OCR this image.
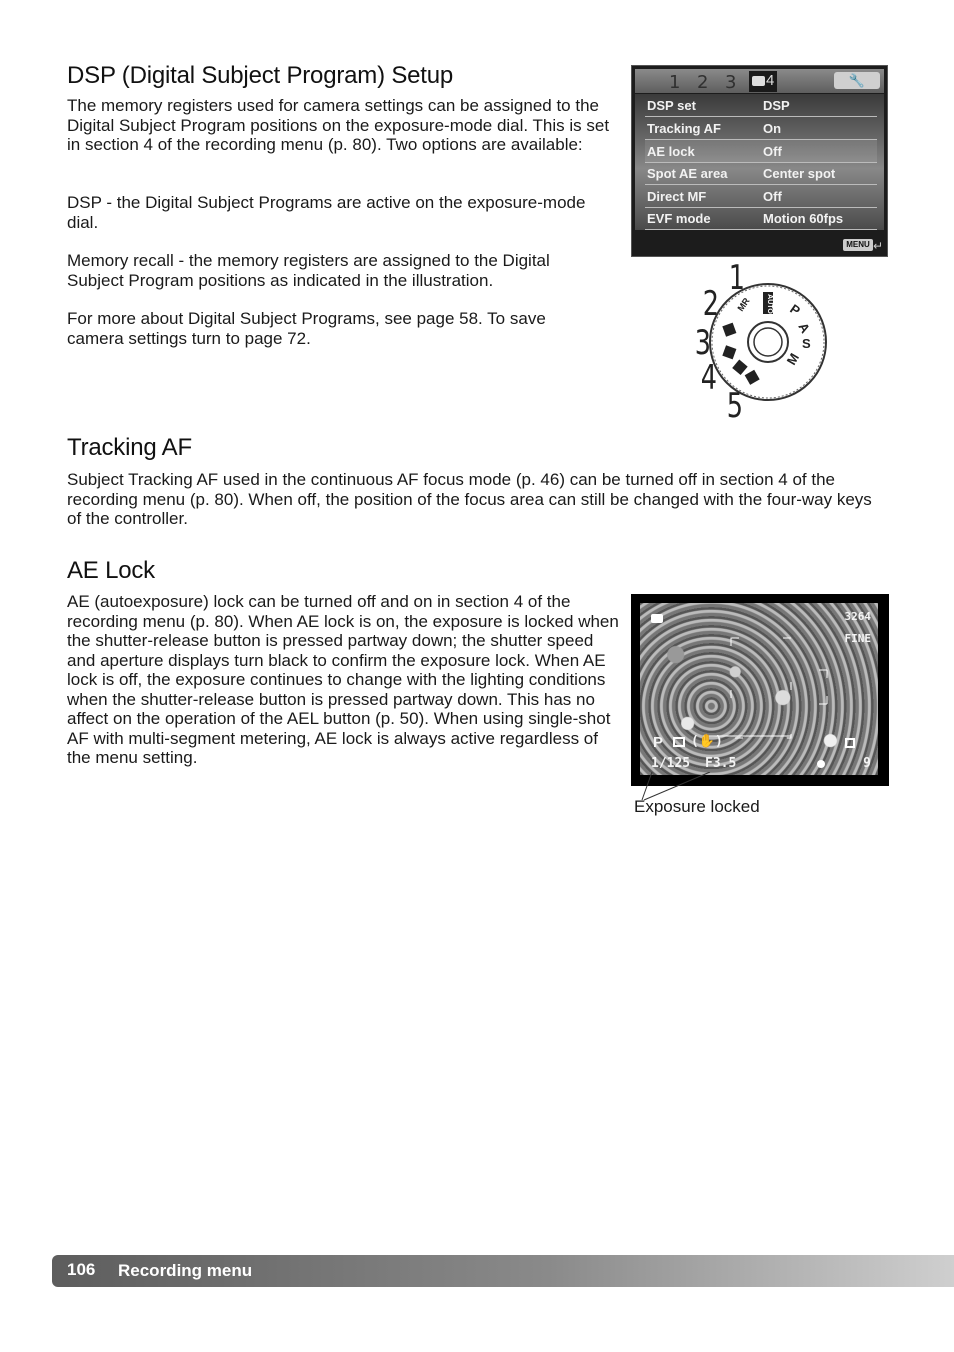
DSP (Digital Subject Program) Setup

The memory registers used for camera settings can be assigned to the Digital Subject Program positions on the exposure-mode dial. This is set in section 4 of the recording menu (p. 80). Two options are available:

DSP - the Digital Subject Programs are active on the exposure-mode dial.

Memory recall - the memory registers are assigned to the Digital Subject Program positions as indicated in the illustration.

For more about Digital Subject Programs, see page 58. To save camera settings turn to page 72.

1 2 3 4	🔧
DSP set	DSP
Tracking AF	On
AE lock	Off
Spot AE area	Center spot
Direct MF	Off
EVF mode	Motion 60fps
MENU ↵
AUTO P
A
S
M
MR
1
2
3
4
5
Tracking AF

Subject Tracking AF used in the continuous AF focus mode (p. 46) can be turned off in section 4 of the recording menu (p. 80). When off, the position of the focus area can still be changed with the four-way keys of the controller.

AE Lock

AE (autoexposure) lock can be turned off and on in section 4 of the recording menu (p. 80). When AE lock is on, the exposure is locked when the shutter-release button is pressed partway down; the shutter speed and aperture displays turn black to confirm the exposure lock. When AE lock is off, the exposure continues to change with the lighting conditions when the shutter-release button is pressed partway down. This has no affect on the operation of the AEL button (p. 50). When using single-shot AF with multi-segment metering, AE lock is always active regardless of the menu setting.

3264
FINE
P (✋)
1/125 F3.5	9
Exposure locked
106 Recording menu
